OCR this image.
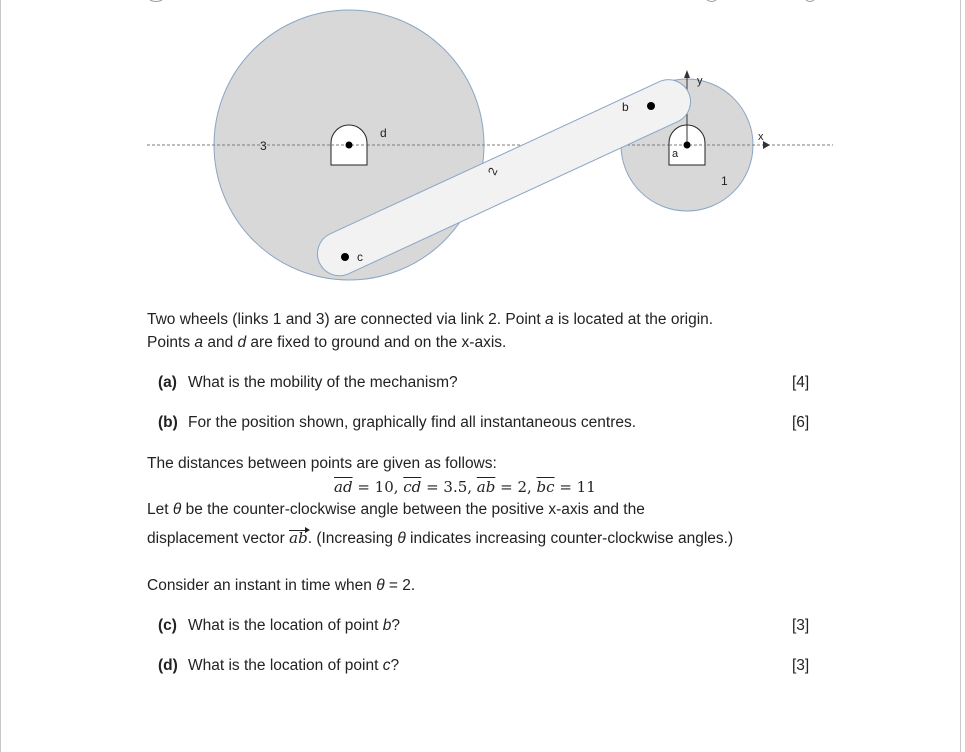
3
d
b
a
c
1
x
y
2
Two wheels (links 1 and 3) are connected via link 2. Point a is located at the origin.
Points a and d are fixed to ground and on the x-axis.
(a) What is the mobility of the mechanism?	[4]
(b) For the position shown, graphically find all instantaneous centres.	[6]
The distances between points are given as follows:
$\overline{ad} = 10$, $\overline{cd} = 3.5$, $\overline{ab} = 2$, $\overline{bc} = 11$
Let θ be the counter-clockwise angle between the positive x-axis and the
displacement vector ab. (Increasing θ indicates increasing counter-clockwise angles.)
Consider an instant in time when θ = 2.
(c) What is the location of point b?	[3]
(d) What is the location of point c?	[3]
